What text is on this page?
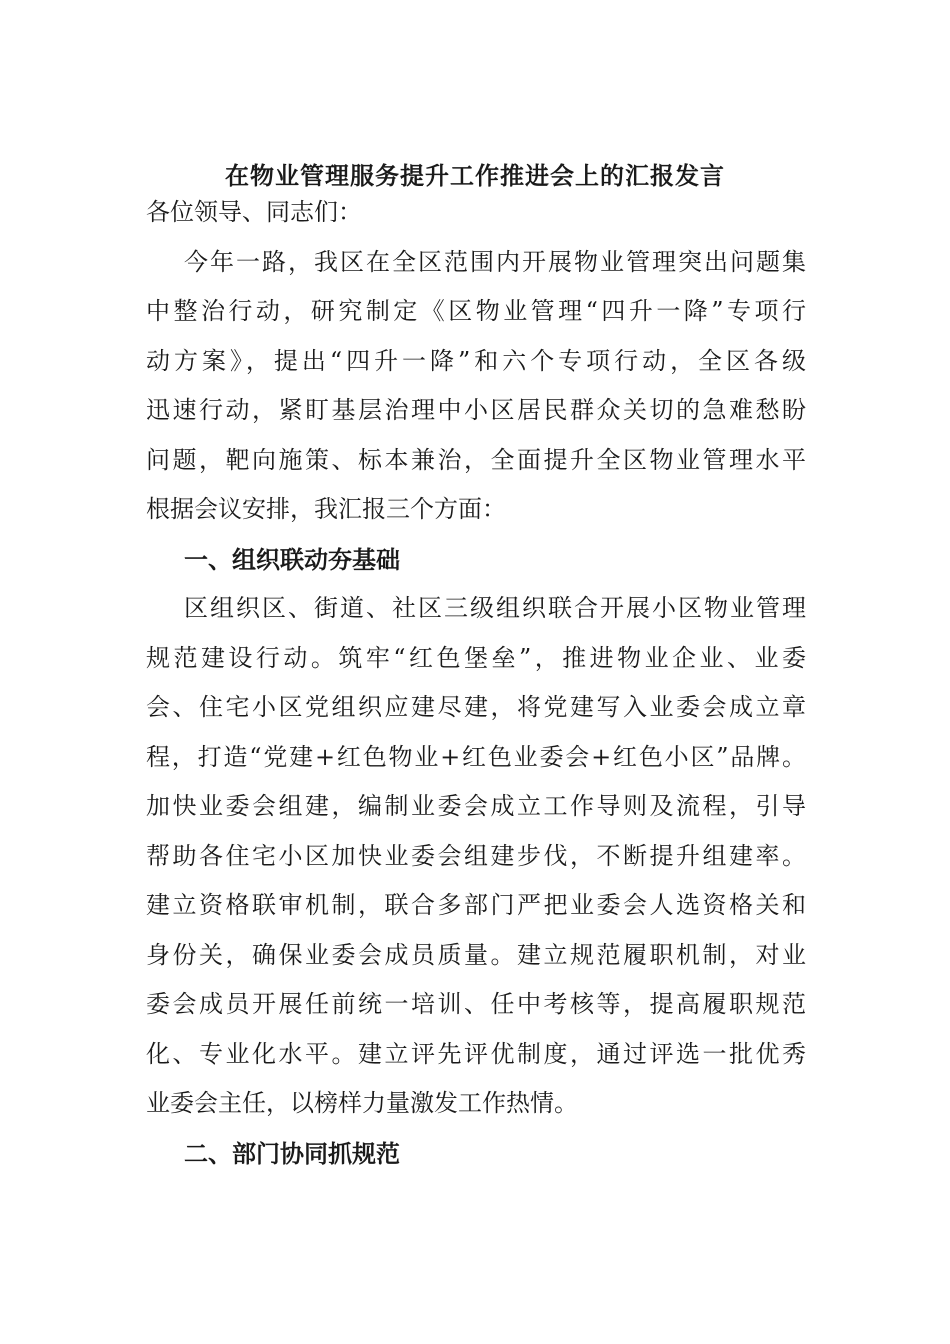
在物业管理服务提升工作推进会上的汇报发言

各位领导、同志们：

今年一路，我区在全区范围内开展物业管理突出问题集

中整治行动，研究制定《区物业管理“四升一降”专项行

动方案》，提出“四升一降”和六个专项行动，全区各级

迅速行动，紧盯基层治理中小区居民群众关切的急难愁盼

问题，靶向施策、标本兼治，全面提升全区物业管理水平

根据会议安排，我汇报三个方面：

一、组织联动夯基础

区组织区、街道、社区三级组织联合开展小区物业管理

规范建设行动。筑牢“红色堡垒”，推进物业企业、业委

会、住宅小区党组织应建尽建，将党建写入业委会成立章

程，打造“党建+红色物业+红色业委会+红色小区”品牌。

加快业委会组建，编制业委会成立工作导则及流程，引导

帮助各住宅小区加快业委会组建步伐，不断提升组建率。

建立资格联审机制，联合多部门严把业委会人选资格关和

身份关，确保业委会成员质量。建立规范履职机制，对业

委会成员开展任前统一培训、任中考核等，提高履职规范

化、专业化水平。建立评先评优制度，通过评选一批优秀

业委会主任，以榜样力量激发工作热情。

二、部门协同抓规范
